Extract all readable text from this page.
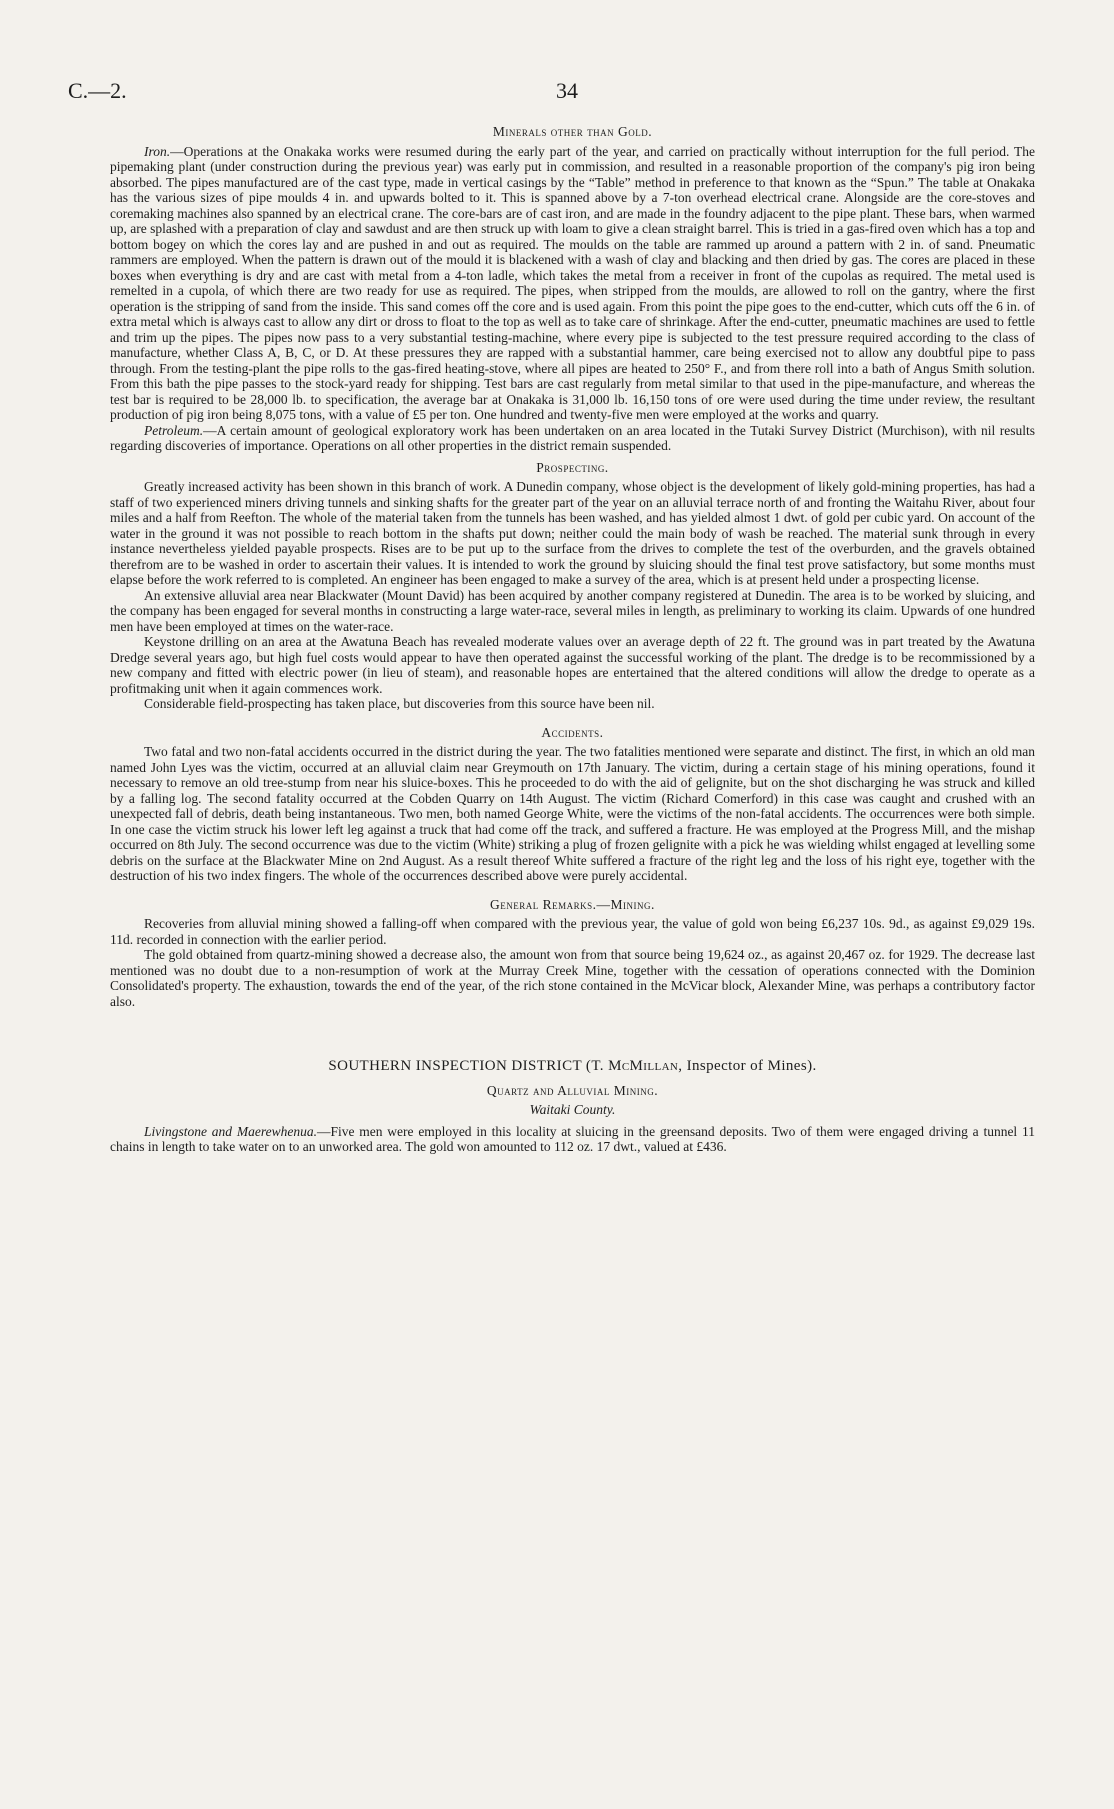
C.—2.	34
Minerals other than Gold.

Iron.—Operations at the Onakaka works were resumed during the early part of the year, and carried on practically without interruption for the full period. The pipemaking plant (under construction during the previous year) was early put in commission, and resulted in a reasonable proportion of the company's pig iron being absorbed. The pipes manufactured are of the cast type, made in vertical casings by the “Table” method in preference to that known as the “Spun.” The table at Onakaka has the various sizes of pipe moulds 4 in. and upwards bolted to it. This is spanned above by a 7-ton overhead electrical crane. Alongside are the core-stoves and coremaking machines also spanned by an electrical crane. The core-bars are of cast iron, and are made in the foundry adjacent to the pipe plant. These bars, when warmed up, are splashed with a preparation of clay and sawdust and are then struck up with loam to give a clean straight barrel. This is tried in a gas-fired oven which has a top and bottom bogey on which the cores lay and are pushed in and out as required. The moulds on the table are rammed up around a pattern with 2 in. of sand. Pneumatic rammers are employed. When the pattern is drawn out of the mould it is blackened with a wash of clay and blacking and then dried by gas. The cores are placed in these boxes when everything is dry and are cast with metal from a 4-ton ladle, which takes the metal from a receiver in front of the cupolas as required. The metal used is remelted in a cupola, of which there are two ready for use as required. The pipes, when stripped from the moulds, are allowed to roll on the gantry, where the first operation is the stripping of sand from the inside. This sand comes off the core and is used again. From this point the pipe goes to the end-cutter, which cuts off the 6 in. of extra metal which is always cast to allow any dirt or dross to float to the top as well as to take care of shrinkage. After the end-cutter, pneumatic machines are used to fettle and trim up the pipes. The pipes now pass to a very substantial testing-machine, where every pipe is subjected to the test pressure required according to the class of manufacture, whether Class A, B, C, or D. At these pressures they are rapped with a substantial hammer, care being exercised not to allow any doubtful pipe to pass through. From the testing-plant the pipe rolls to the gas-fired heating-stove, where all pipes are heated to 250° F., and from there roll into a bath of Angus Smith solution. From this bath the pipe passes to the stock-yard ready for shipping. Test bars are cast regularly from metal similar to that used in the pipe-manufacture, and whereas the test bar is required to be 28,000 lb. to specification, the average bar at Onakaka is 31,000 lb. 16,150 tons of ore were used during the time under review, the resultant production of pig iron being 8,075 tons, with a value of £5 per ton. One hundred and twenty-five men were employed at the works and quarry.

Petroleum.—A certain amount of geological exploratory work has been undertaken on an area located in the Tutaki Survey District (Murchison), with nil results regarding discoveries of importance. Operations on all other properties in the district remain suspended.

Prospecting.

Greatly increased activity has been shown in this branch of work. A Dunedin company, whose object is the development of likely gold-mining properties, has had a staff of two experienced miners driving tunnels and sinking shafts for the greater part of the year on an alluvial terrace north of and fronting the Waitahu River, about four miles and a half from Reefton. The whole of the material taken from the tunnels has been washed, and has yielded almost 1 dwt. of gold per cubic yard. On account of the water in the ground it was not possible to reach bottom in the shafts put down; neither could the main body of wash be reached. The material sunk through in every instance nevertheless yielded payable prospects. Rises are to be put up to the surface from the drives to complete the test of the overburden, and the gravels obtained therefrom are to be washed in order to ascertain their values. It is intended to work the ground by sluicing should the final test prove satisfactory, but some months must elapse before the work referred to is completed. An engineer has been engaged to make a survey of the area, which is at present held under a prospecting license.

An extensive alluvial area near Blackwater (Mount David) has been acquired by another company registered at Dunedin. The area is to be worked by sluicing, and the company has been engaged for several months in constructing a large water-race, several miles in length, as preliminary to working its claim. Upwards of one hundred men have been employed at times on the water-race.

Keystone drilling on an area at the Awatuna Beach has revealed moderate values over an average depth of 22 ft. The ground was in part treated by the Awatuna Dredge several years ago, but high fuel costs would appear to have then operated against the successful working of the plant. The dredge is to be recommissioned by a new company and fitted with electric power (in lieu of steam), and reasonable hopes are entertained that the altered conditions will allow the dredge to operate as a profitmaking unit when it again commences work.

Considerable field-prospecting has taken place, but discoveries from this source have been nil.

Accidents.

Two fatal and two non-fatal accidents occurred in the district during the year. The two fatalities mentioned were separate and distinct. The first, in which an old man named John Lyes was the victim, occurred at an alluvial claim near Greymouth on 17th January. The victim, during a certain stage of his mining operations, found it necessary to remove an old tree-stump from near his sluice-boxes. This he proceeded to do with the aid of gelignite, but on the shot discharging he was struck and killed by a falling log. The second fatality occurred at the Cobden Quarry on 14th August. The victim (Richard Comerford) in this case was caught and crushed with an unexpected fall of debris, death being instantaneous. Two men, both named George White, were the victims of the non-fatal accidents. The occurrences were both simple. In one case the victim struck his lower left leg against a truck that had come off the track, and suffered a fracture. He was employed at the Progress Mill, and the mishap occurred on 8th July. The second occurrence was due to the victim (White) striking a plug of frozen gelignite with a pick he was wielding whilst engaged at levelling some debris on the surface at the Blackwater Mine on 2nd August. As a result thereof White suffered a fracture of the right leg and the loss of his right eye, together with the destruction of his two index fingers. The whole of the occurrences described above were purely accidental.

General Remarks.—Mining.

Recoveries from alluvial mining showed a falling-off when compared with the previous year, the value of gold won being £6,237 10s. 9d., as against £9,029 19s. 11d. recorded in connection with the earlier period.

The gold obtained from quartz-mining showed a decrease also, the amount won from that source being 19,624 oz., as against 20,467 oz. for 1929. The decrease last mentioned was no doubt due to a non-resumption of work at the Murray Creek Mine, together with the cessation of operations connected with the Dominion Consolidated's property. The exhaustion, towards the end of the year, of the rich stone contained in the McVicar block, Alexander Mine, was perhaps a contributory factor also.

SOUTHERN INSPECTION DISTRICT (T. McMillan, Inspector of Mines).
Quartz and Alluvial Mining.
Waitaki County.

Livingstone and Maerewhenua.—Five men were employed in this locality at sluicing in the greensand deposits. Two of them were engaged driving a tunnel 11 chains in length to take water on to an unworked area. The gold won amounted to 112 oz. 17 dwt., valued at £436.
